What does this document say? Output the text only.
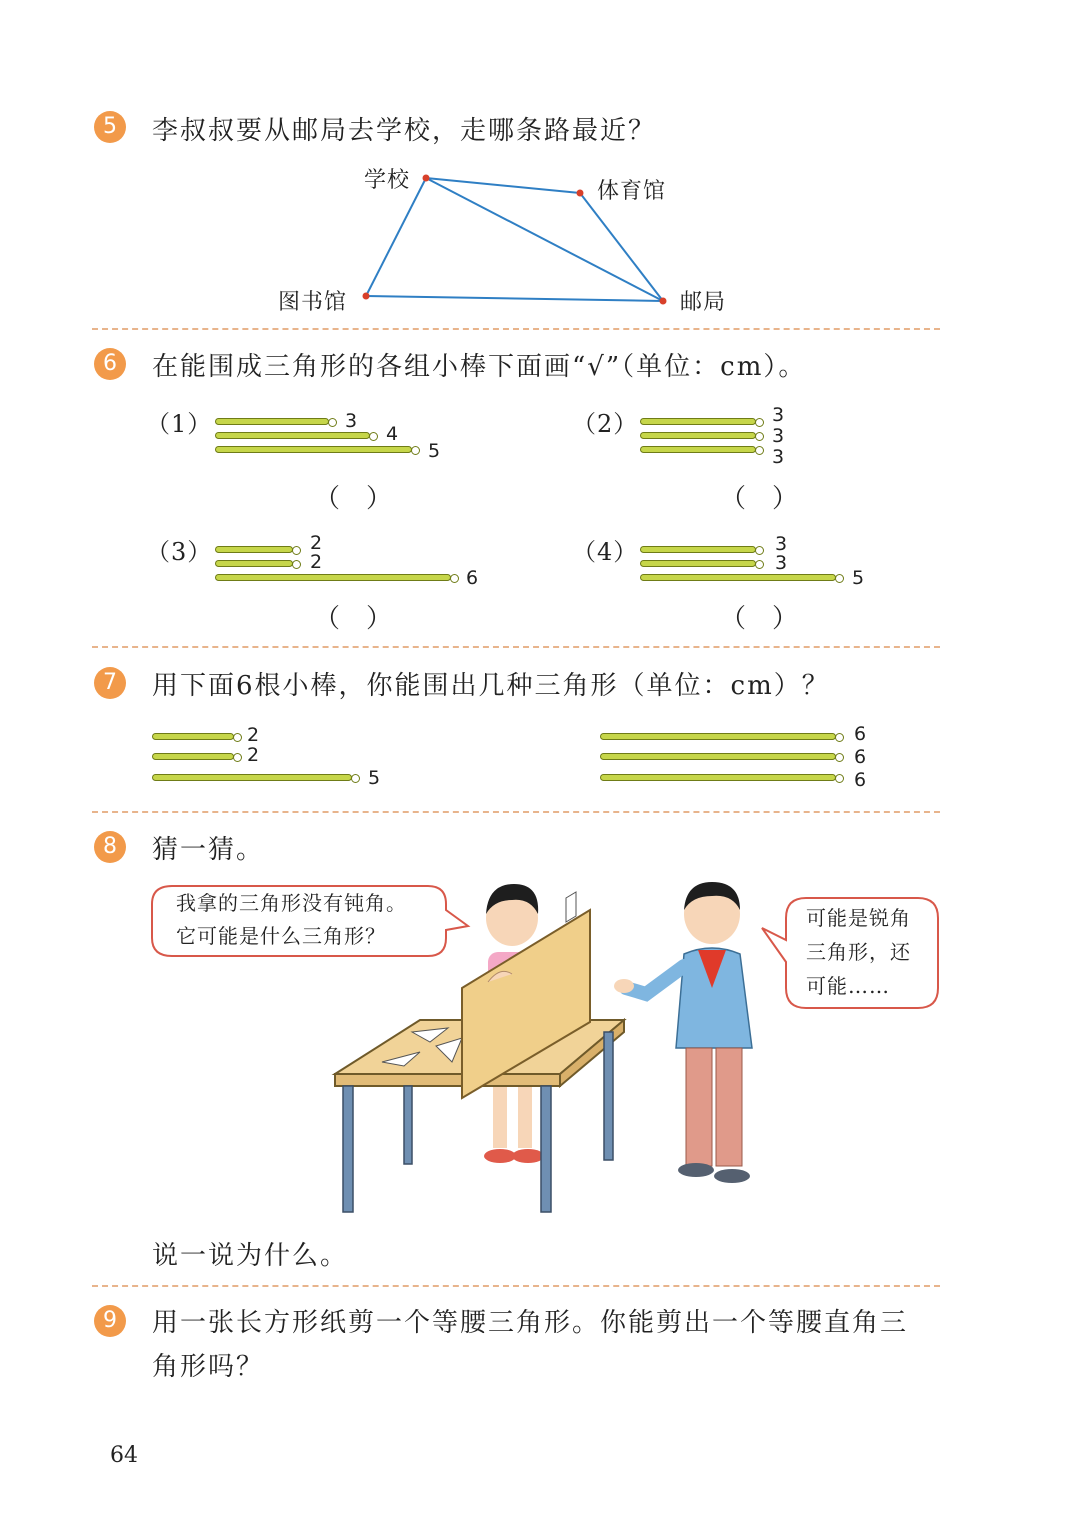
5	李叔叔要从邮局去学校，走哪条路最近？
学校	体育馆
图书馆	邮局
6	在能围成三角形的各组小棒下面画“√”（单位：cm）。
（1）	3
4
5
（　）
（2）	3
3
3
（　）
（3）	2
2
6
（　）
（4）	3
3
5
（　）
7	用下面6根小棒，你能围出几种三角形（单位：cm）？
2
2
5
6
6
6
8	猜一猜。
我拿的三角形没有钝角。
它可能是什么三角形？
可能是锐角
三角形，还
可能……
说一说为什么。
9	用一张长方形纸剪一个等腰三角形。你能剪出一个等腰直角三
角形吗？
64
